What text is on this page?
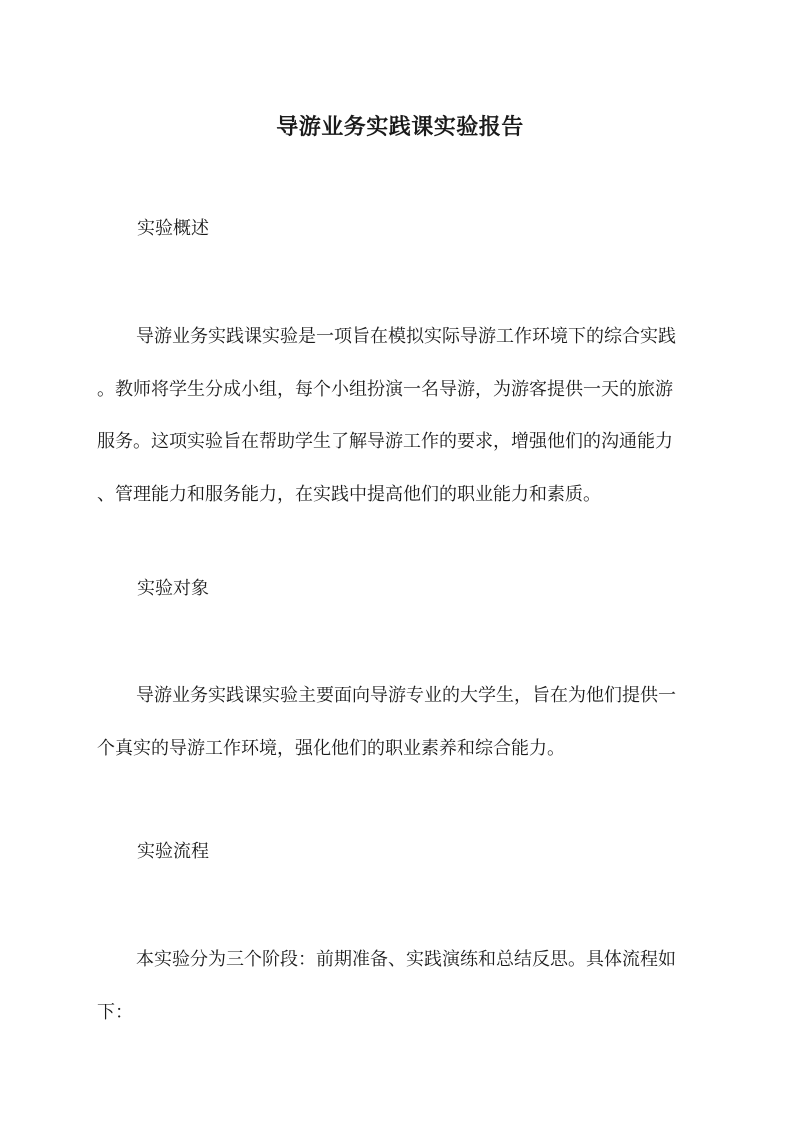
导游业务实践课实验报告
实验概述
导游业务实践课实验是一项旨在模拟实际导游工作环境下的综合实践
。教师将学生分成小组，每个小组扮演一名导游，为游客提供一天的旅游
服务。这项实验旨在帮助学生了解导游工作的要求，增强他们的沟通能力
、管理能力和服务能力，在实践中提高他们的职业能力和素质。
实验对象
导游业务实践课实验主要面向导游专业的大学生，旨在为他们提供一
个真实的导游工作环境，强化他们的职业素养和综合能力。
实验流程
本实验分为三个阶段：前期准备、实践演练和总结反思。具体流程如
下：
